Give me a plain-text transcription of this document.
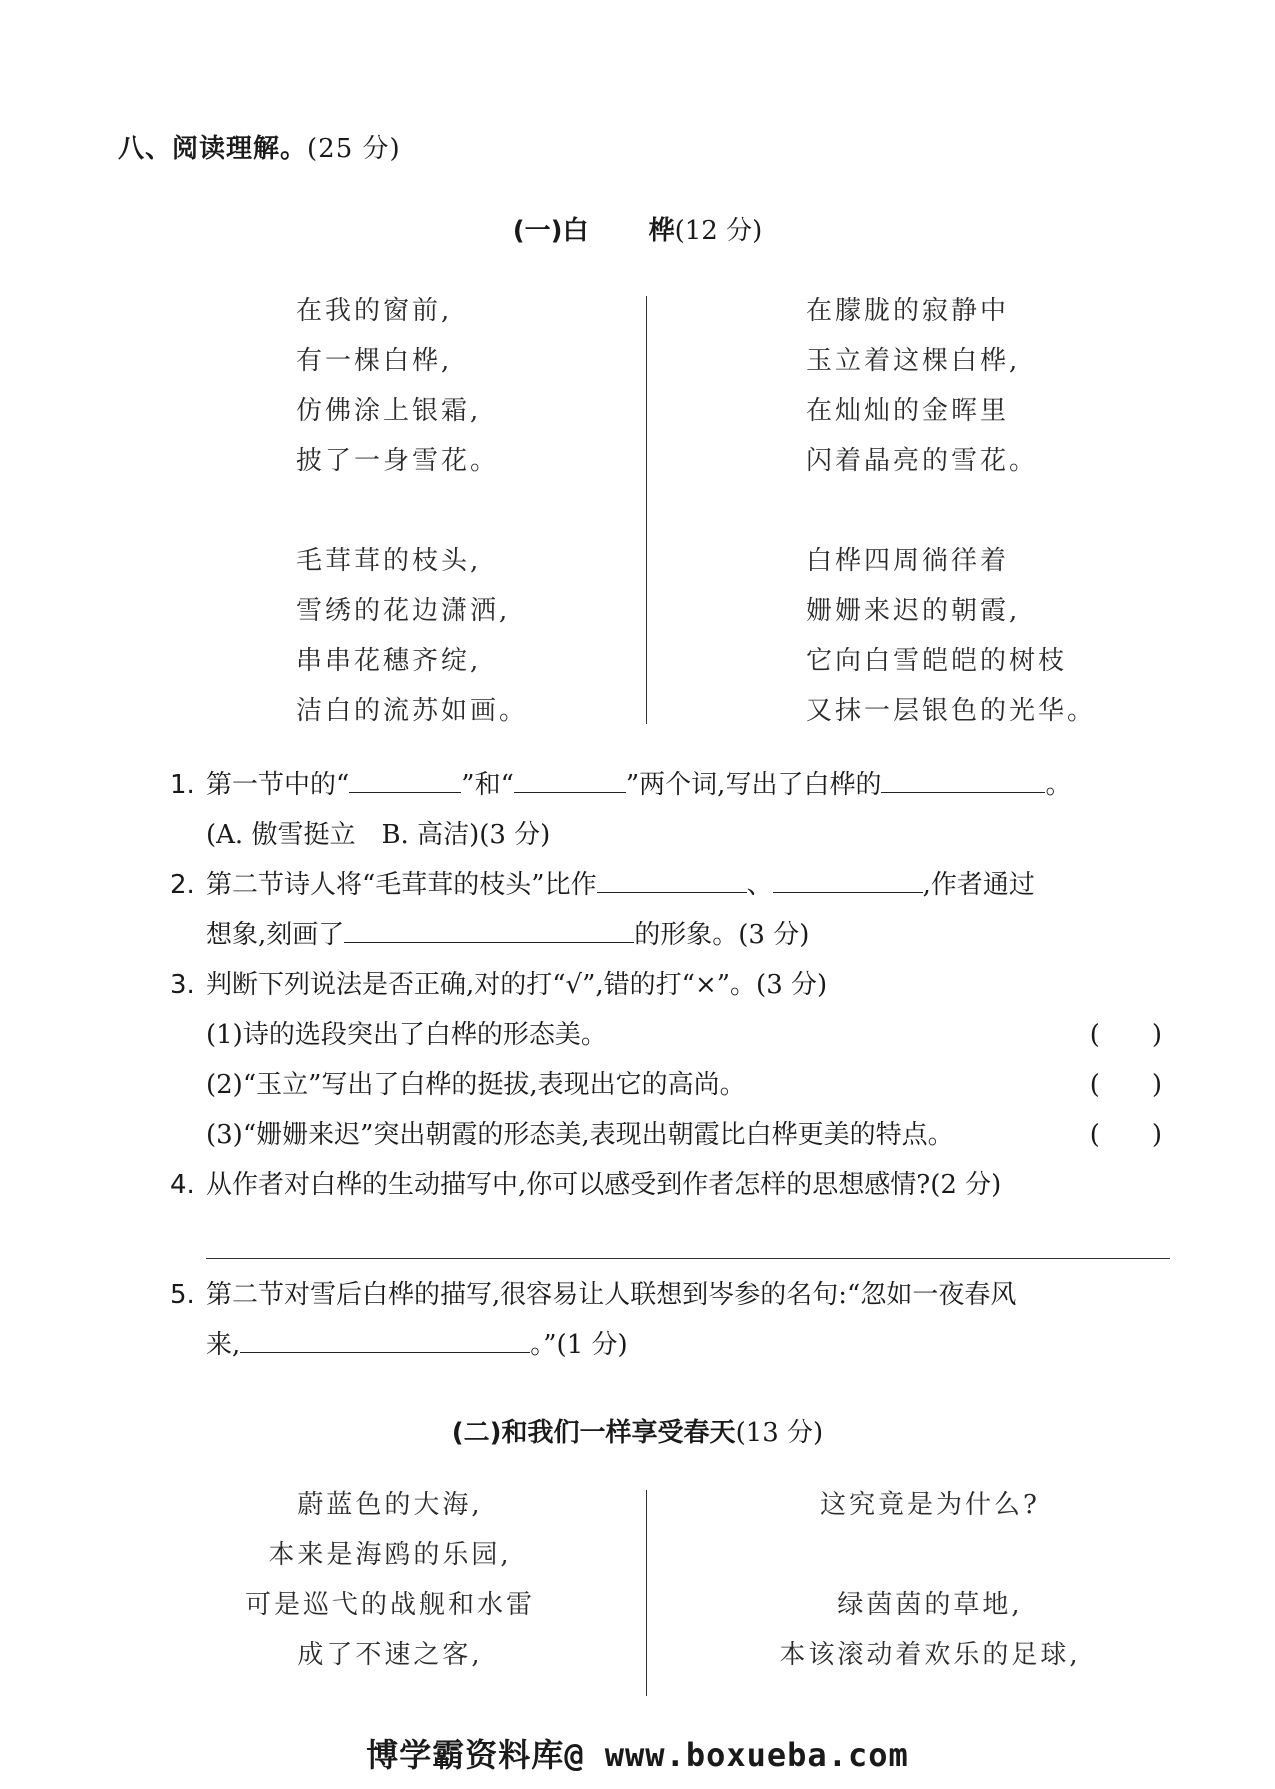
八、阅读理解。(25 分)
(一)白 桦(12 分)
在我的窗前,
有一棵白桦,
仿佛涂上银霜,
披了一身雪花。
毛茸茸的枝头,
雪绣的花边潇洒,
串串花穗齐绽,
洁白的流苏如画。
在朦胧的寂静中
玉立着这棵白桦,
在灿灿的金晖里
闪着晶亮的雪花。
白桦四周徜徉着
姗姗来迟的朝霞,
它向白雪皑皑的树枝
又抹一层银色的光华。
1. 第一节中的“	”和“	”两个词,写出了白桦的	。
(A. 傲雪挺立　B. 高洁)(3 分)
2. 第二节诗人将“毛茸茸的枝头”比作	、	,作者通过
想象,刻画了	的形象。(3 分)
3. 判断下列说法是否正确,对的打“√”,错的打“×”。(3 分)
(1)诗的选段突出了白桦的形态美。	(　　)
(2)“玉立”写出了白桦的挺拔,表现出它的高尚。	(　　)
(3)“姗姗来迟”突出朝霞的形态美,表现出朝霞比白桦更美的特点。	(　　)
4. 从作者对白桦的生动描写中,你可以感受到作者怎样的思想感情?(2 分)
5. 第二节对雪后白桦的描写,很容易让人联想到岑参的名句:“忽如一夜春风
来,	。”(1 分)
(二)和我们一样享受春天(13 分)
蔚蓝色的大海,
本来是海鸥的乐园,
可是巡弋的战舰和水雷
成了不速之客,
这究竟是为什么?
绿茵茵的草地,
本该滚动着欢乐的足球,
博学霸资料库@ www.boxueba.com
